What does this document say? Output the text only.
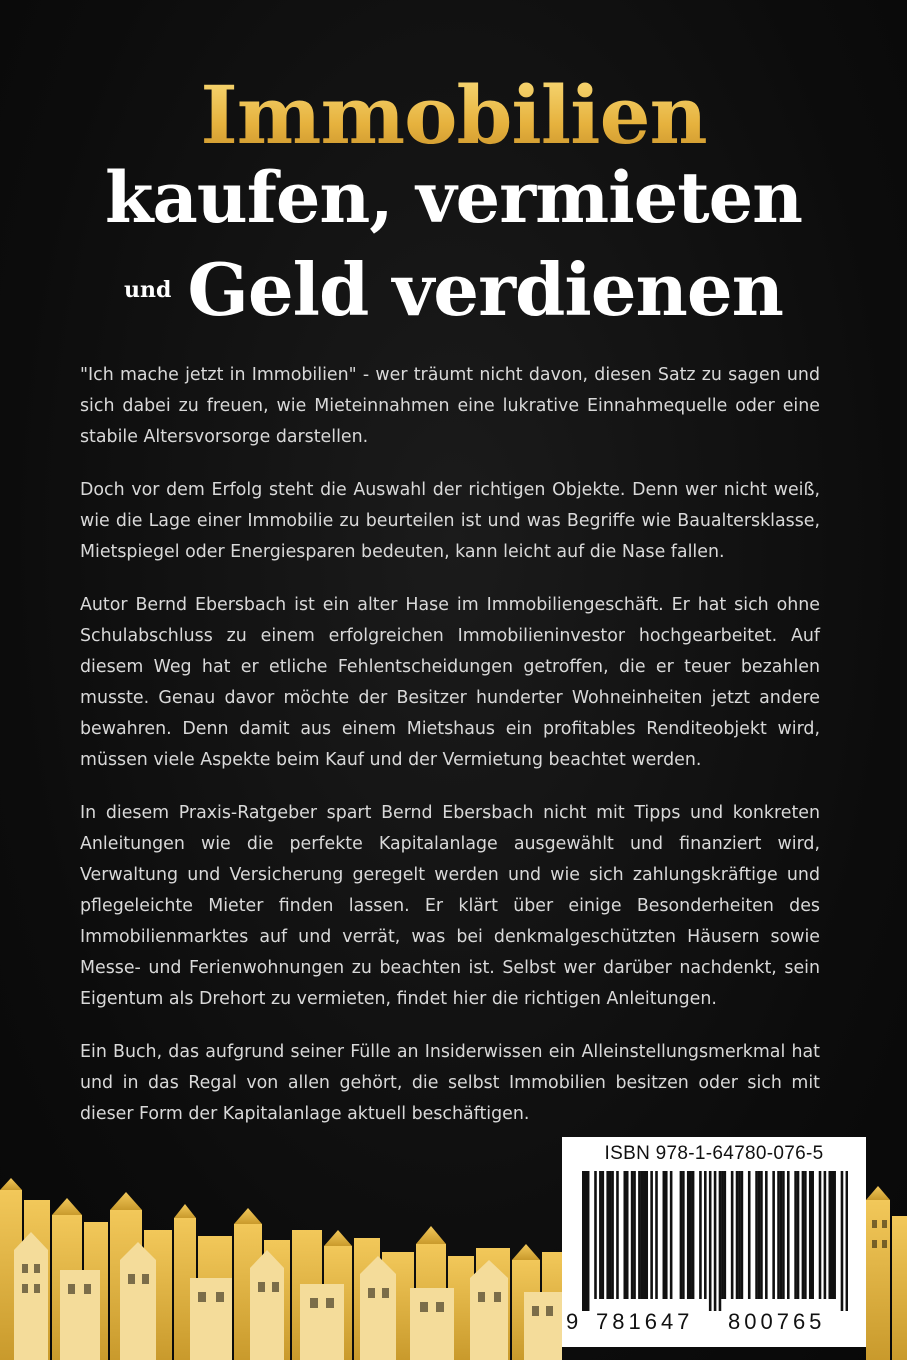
Immobilien
kaufen, vermieten
und Geld verdienen

"Ich mache jetzt in Immobilien" - wer träumt nicht davon, diesen Satz zu sagen und sich dabei zu freuen, wie Mieteinnahmen eine lukrative Einnahmequelle oder eine stabile Altersvorsorge darstellen.

Doch vor dem Erfolg steht die Auswahl der richtigen Objekte. Denn wer nicht weiß, wie die Lage einer Immobilie zu beurteilen ist und was Begriffe wie Baualtersklasse, Mietspiegel oder Energiesparen bedeuten, kann leicht auf die Nase fallen.

Autor Bernd Ebersbach ist ein alter Hase im Immobiliengeschäft. Er hat sich ohne Schulabschluss zu einem erfolgreichen Immobilieninvestor hochgearbeitet. Auf diesem Weg hat er etliche Fehlentscheidungen getroffen, die er teuer bezahlen musste. Genau davor möchte der Besitzer hunderter Wohneinheiten jetzt andere bewahren. Denn damit aus einem Mietshaus ein profitables Renditeobjekt wird, müssen viele Aspekte beim Kauf und der Vermietung beachtet werden.

In diesem Praxis-Ratgeber spart Bernd Ebersbach nicht mit Tipps und konkreten Anleitungen wie die perfekte Kapitalanlage ausgewählt und finanziert wird, Verwaltung und Versicherung geregelt werden und wie sich zahlungskräftige und pflegeleichte Mieter finden lassen. Er klärt über einige Besonderheiten des Immobilienmarktes auf und verrät, was bei denkmalgeschützten Häusern sowie Messe- und Ferienwohnungen zu beachten ist. Selbst wer darüber nachdenkt, sein Eigentum als Drehort zu vermieten, findet hier die richtigen Anleitungen.

Ein Buch, das aufgrund seiner Fülle an Insiderwissen ein Alleinstellungsmerkmal hat und in das Regal von allen gehört, die selbst Immobilien besitzen oder sich mit dieser Form der Kapitalanlage aktuell beschäftigen.

ISBN 978-1-64780-076-5
9 781647 800765
